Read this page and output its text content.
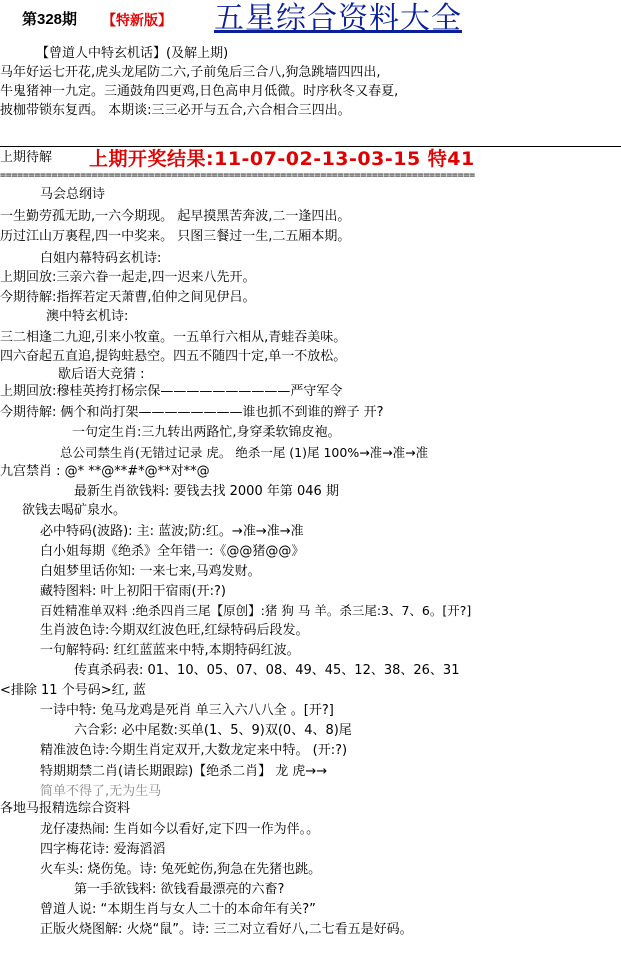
第328期 【特新版】 五星综合资料大全
【曾道人中特玄机话】(及解上期)
马年好运七开花,虎头龙尾防二六,子前兔后三合八,狗急跳墙四四出,
牛鬼猪神一九定。三通鼓角四更鸡,日色高申月低微。时序秋冬又春夏,
披枷带锁东复西。 本期谈:三三必开与五合,六合相合三四出。
上期待解 上期开奖结果:11-07-02-13-03-15 特41
===================================================================================
马会总纲诗
一生勤劳孤无助,一六今期现。 起早摸黑苦奔波,二一逢四出。
历过江山万裏程,四一中奖来。 只图三餐过一生,二五厢本期。
白姐内幕特码玄机诗:
上期回放:三亲六眷一起走,四一迟来八先开。
今期待解:指挥若定天萧曹,伯仲之间见伊吕。
澳中特玄机诗:
三二相逢二九迎,引来小牧童。一五单行六相从,青蛙吞美味。
四六奋起五直追,提钩蛀悬空。四五不随四十定,单一不放松。
歇后语大竞猜 :
上期回放:穆桂英挎打杨宗保——————————严守军令
今期待解: 俩个和尚打架————————谁也抓不到谁的辫子 开?
一句定生肖:三九转出两路忙,身穿柔软锦皮袍。
总公司禁生肖(无错过记录 虎。 绝杀一尾 (1)尾 100%→准→准→准
九宫禁肖 : @* **@**#*@**对**@
最新生肖欲钱料: 要钱去找 2000 年第 046 期
欲钱去喝矿泉水。
必中特码(波路): 主: 蓝波;防:红。→准→准→准
白小姐每期《绝杀》全年错一:《@@猪@@》
白姐梦里话你知: 一来七来,马鸡发财。
藏特图料: 叶上初阳干宿雨(开:?)
百姓精准单双料 :绝杀四肖三尾【原创】:猪 狗 马 羊。杀三尾:3、7、6。[开?]
生肖波色诗:今期双红波色旺,红绿特码后段发。
一句解特码: 红红蓝蓝来中特,本期特码红波。
传真杀码表: 01、10、05、07、08、49、45、12、38、26、31
<排除 11 个号码>红, 蓝
一诗中特: 兔马龙鸡是死肖 单三入六八八全 。[开?]
六合彩: 必中尾数:买单(1、5、9)双(0、4、8)尾
精准波色诗:今期生肖定双开,大数龙定来中特。 (开:?)
特期期禁二肖(请长期跟踪)【绝杀二肖】 龙 虎→→
简单不得了,无为生马
各地马报精选综合资料
龙仔凄热闹: 生肖如今以看好,定下四一作为伴。。
四字梅花诗: 爱海滔滔
火车头: 烧伤兔。诗: 兔死蛇伤,狗急在先猪也跳。
第一手欲钱料: 欲钱看最漂亮的六畜?
曾道人说: “本期生肖与女人二十的本命年有关?”
正版火烧图解: 火烧“鼠”。诗: 三二对立看好八,二七看五是好码。
